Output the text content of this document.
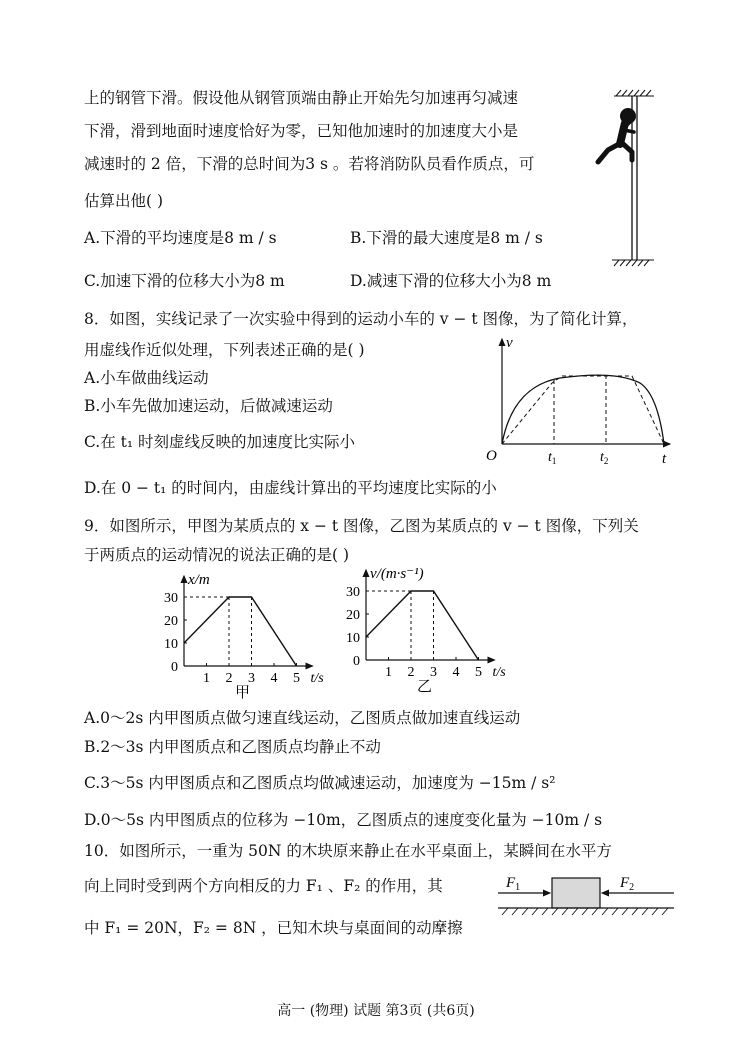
上的钢管下滑。假设他从钢管顶端由静止开始先匀加速再匀减速
下滑，滑到地面时速度恰好为零，已知他加速时的加速度大小是
减速时的 2 倍，下滑的总时间为3 s 。若将消防队员看作质点，可
估算出他( )
A.下滑的平均速度是8 m / s	B.下滑的最大速度是8 m / s
C.加速下滑的位移大小为8 m	D.减速下滑的位移大小为8 m
8．如图，实线记录了一次实验中得到的运动小车的 v − t 图像，为了简化计算，
用虚线作近似处理，下列表述正确的是( )
A.小车做曲线运动
B.小车先做加速运动，后做减速运动
C.在 t₁ 时刻虚线反映的加速度比实际小
D.在 0 − t₁ 的时间内，由虚线计算出的平均速度比实际的小
v
t
O	$t_1$	$t_2$
9．如图所示，甲图为某质点的 x − t 图像，乙图为某质点的 v − t 图像，下列关
于两质点的运动情况的说法正确的是( )
0
10
20
30
1 2 3 4 5
x/m
t/s
甲
0
10
20
30
1 2 3 4 5
v/(m·s⁻¹)
t/s
乙
A.0～2s 内甲图质点做匀速直线运动，乙图质点做加速直线运动
B.2～3s 内甲图质点和乙图质点均静止不动
C.3～5s 内甲图质点和乙图质点均做减速运动，加速度为 −15m / s²
D.0～5s 内甲图质点的位移为 −10m，乙图质点的速度变化量为 −10m / s
10．如图所示，一重为 50N 的木块原来静止在水平桌面上，某瞬间在水平方
向上同时受到两个方向相反的力 F₁ 、F₂ 的作用，其
中 F₁ = 20N，F₂ = 8N ，已知木块与桌面间的动摩擦
$F_1$	$F_2$
高一 (物理) 试题 第3页 (共6页)
